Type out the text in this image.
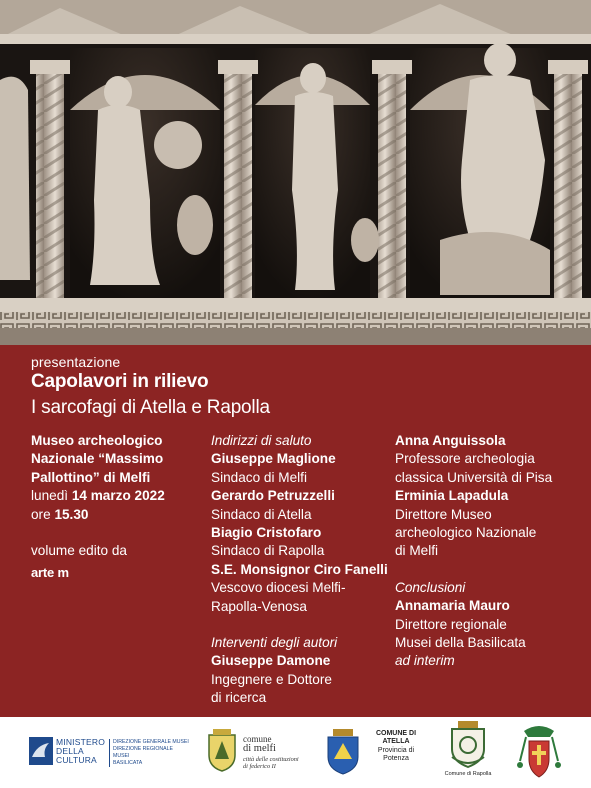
presentazione
Capolavori in rilievo
I sarcofagi di Atella e Rapolla
Museo archeologico
Nazionale “Massimo
Pallottino” di Melfi
lunedì 14 marzo 2022
ore 15.30
volume edito da
arte m
Indirizzi di saluto
Giuseppe Maglione
Sindaco di Melfi
Gerardo Petruzzelli
Sindaco di Atella
Biagio Cristofaro
Sindaco di Rapolla
S.E. Monsignor Ciro Fanelli
Vescovo diocesi Melfi-
Rapolla-Venosa
Interventi degli autori
Giuseppe Damone
Ingegnere e Dottore
di ricerca
Anna Anguissola
Professore archeologia
classica Università di Pisa
Erminia Lapadula
Direttore Museo
archeologico Nazionale
di Melfi
Conclusioni
Annamaria Mauro
Direttore regionale
Musei della Basilicata
ad interim
MINISTERO
DELLA
CULTURA
DIREZIONE GENERALE MUSEI
DIREZIONE REGIONALE MUSEI
BASILICATA
comune
di melfi
città delle costituzioni
di federico II
COMUNE DI
ATELLA
Provincia di
Potenza
Comune di Rapolla
